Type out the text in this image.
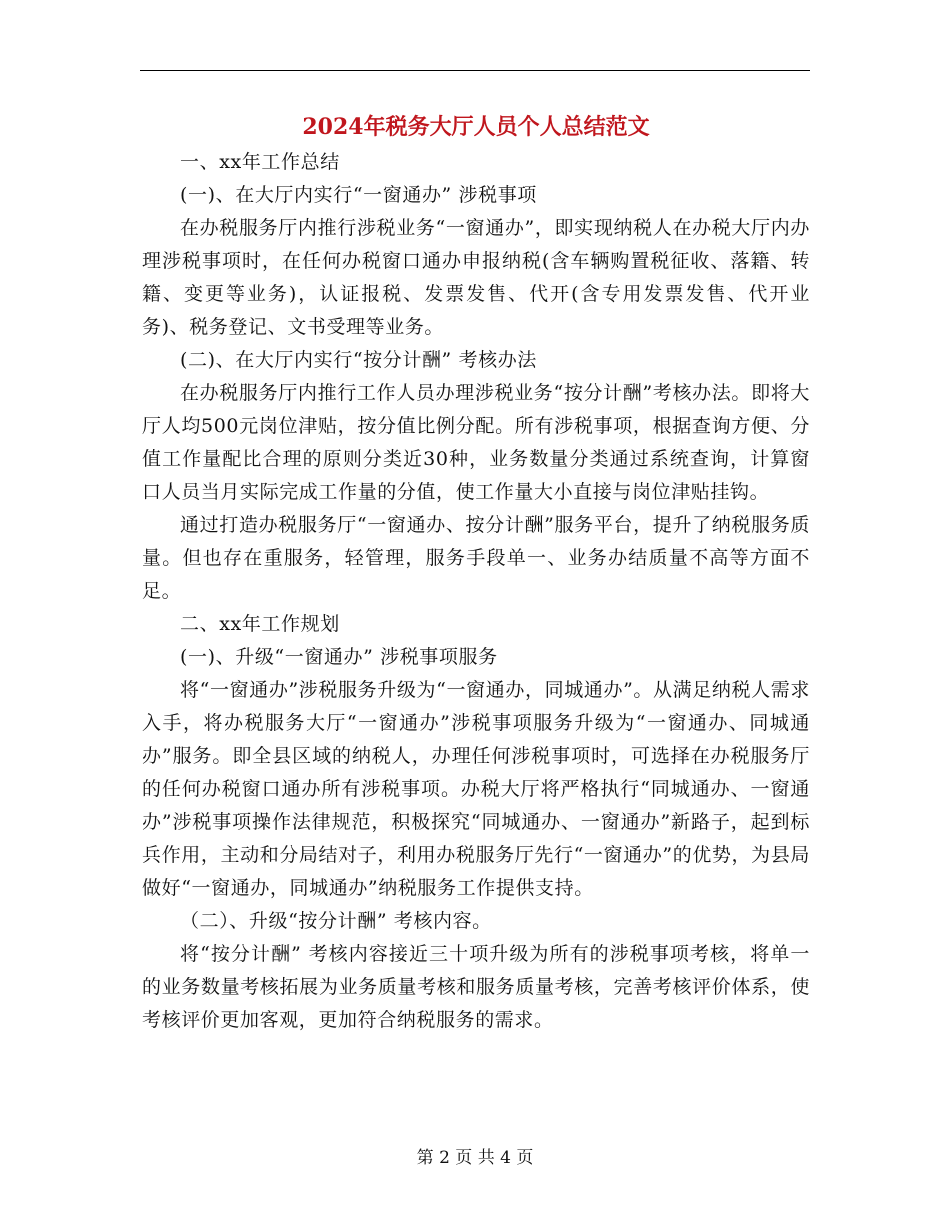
2024年税务大厅人员个人总结范文

一、xx年工作总结

(一)、在大厅内实行“一窗通办” 涉税事项

在办税服务厅内推行涉税业务“一窗通办”，即实现纳税人在办税大厅内办理涉税事项时，在任何办税窗口通办申报纳税(含车辆购置税征收、落籍、转籍、变更等业务)，认证报税、发票发售、代开(含专用发票发售、代开业务)、税务登记、文书受理等业务。

(二)、在大厅内实行“按分计酬” 考核办法

在办税服务厅内推行工作人员办理涉税业务“按分计酬”考核办法。即将大厅人均500元岗位津贴，按分值比例分配。所有涉税事项，根据查询方便、分值工作量配比合理的原则分类近30种，业务数量分类通过系统查询，计算窗口人员当月实际完成工作量的分值，使工作量大小直接与岗位津贴挂钩。

通过打造办税服务厅“一窗通办、按分计酬”服务平台，提升了纳税服务质量。但也存在重服务，轻管理，服务手段单一、业务办结质量不高等方面不足。

二、xx年工作规划

(一)、升级“一窗通办” 涉税事项服务

将“一窗通办”涉税服务升级为“一窗通办，同城通办”。从满足纳税人需求入手，将办税服务大厅“一窗通办”涉税事项服务升级为“一窗通办、同城通办”服务。即全县区域的纳税人，办理任何涉税事项时，可选择在办税服务厅的任何办税窗口通办所有涉税事项。办税大厅将严格执行“同城通办、一窗通办”涉税事项操作法律规范，积极探究“同城通办、一窗通办”新路子，起到标兵作用，主动和分局结对子，利用办税服务厅先行“一窗通办”的优势，为县局做好“一窗通办，同城通办”纳税服务工作提供支持。

（二）、升级“按分计酬” 考核内容。

将“按分计酬” 考核内容接近三十项升级为所有的涉税事项考核，将单一的业务数量考核拓展为业务质量考核和服务质量考核，完善考核评价体系，使考核评价更加客观，更加符合纳税服务的需求。

第 2 页 共 4 页
